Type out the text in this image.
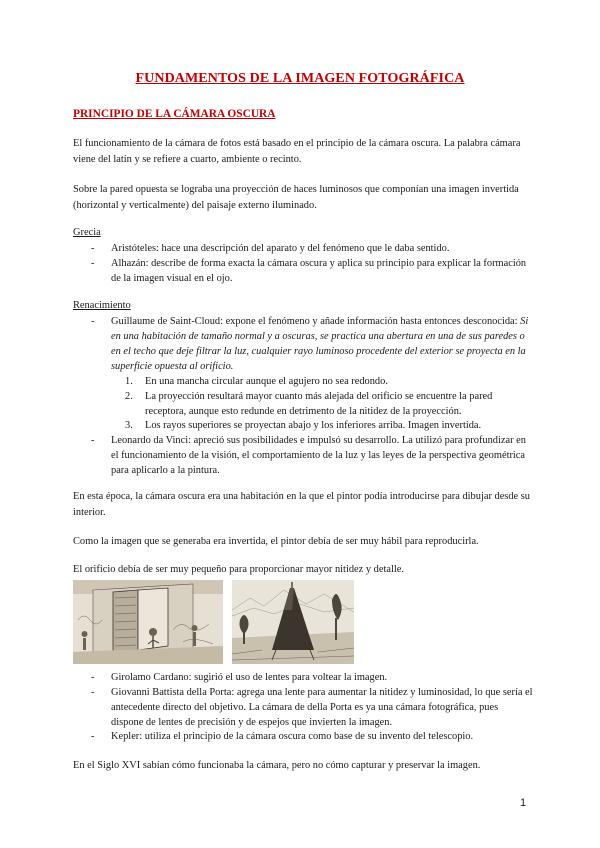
FUNDAMENTOS DE LA IMAGEN FOTOGRÁFICA
PRINCIPIO DE LA CÁMARA OSCURA

El funcionamiento de la cámara de fotos está basado en el principio de la cámara oscura. La palabra cámara viene del latín y se refiere a cuarto, ambiente o recinto.

Sobre la pared opuesta se lograba una proyección de haces luminosos que componían una imagen invertida (horizontal y verticalmente) del paisaje externo iluminado.

Grecia
- Aristóteles: hace una descripción del aparato y del fenómeno que le daba sentido.
- Alhazán: describe de forma exacta la cámara oscura y aplica su principio para explicar la formación de la imagen visual en el ojo.
Renacimiento
- Guillaume de Saint-Cloud: expone el fenómeno y añade información hasta entonces desconocida: Si en una habitación de tamaño normal y a oscuras, se practica una abertura en una de sus paredes o en el techo que deje filtrar la luz, cualquier rayo luminoso procedente del exterior se proyecta en la superficie opuesta al orificio.
1. En una mancha circular aunque el agujero no sea redondo.
2. La proyección resultará mayor cuanto más alejada del orificio se encuentre la pared receptora, aunque esto redunde en detrimento de la nitidez de la proyección.
3. Los rayos superiores se proyectan abajo y los inferiores arriba. Imagen invertida.
- Leonardo da Vinci: apreció sus posibilidades e impulsó su desarrollo. La utilizó para profundizar en el funcionamiento de la visión, el comportamiento de la luz y las leyes de la perspectiva geométrica para aplicarlo a la pintura.

En esta época, la cámara oscura era una habitación en la que el pintor podía introducirse para dibujar desde su interior.

Como la imagen que se generaba era invertida, el pintor debía de ser muy hábil para reproducirla.

El orificio debía de ser muy pequeño para proporcionar mayor nitidez y detalle.

- Girolamo Cardano: sugirió el uso de lentes para voltear la imagen.
- Giovanni Battista della Porta: agrega una lente para aumentar la nitidez y luminosidad, lo que sería el antecedente directo del objetivo. La cámara de della Porta es ya una cámara fotográfica, pues dispone de lentes de precisión y de espejos que invierten la imagen.
- Kepler: utiliza el principio de la cámara oscura como base de su invento del telescopio.

En el Siglo XVI sabían cómo funcionaba la cámara, pero no cómo capturar y preservar la imagen.

1
